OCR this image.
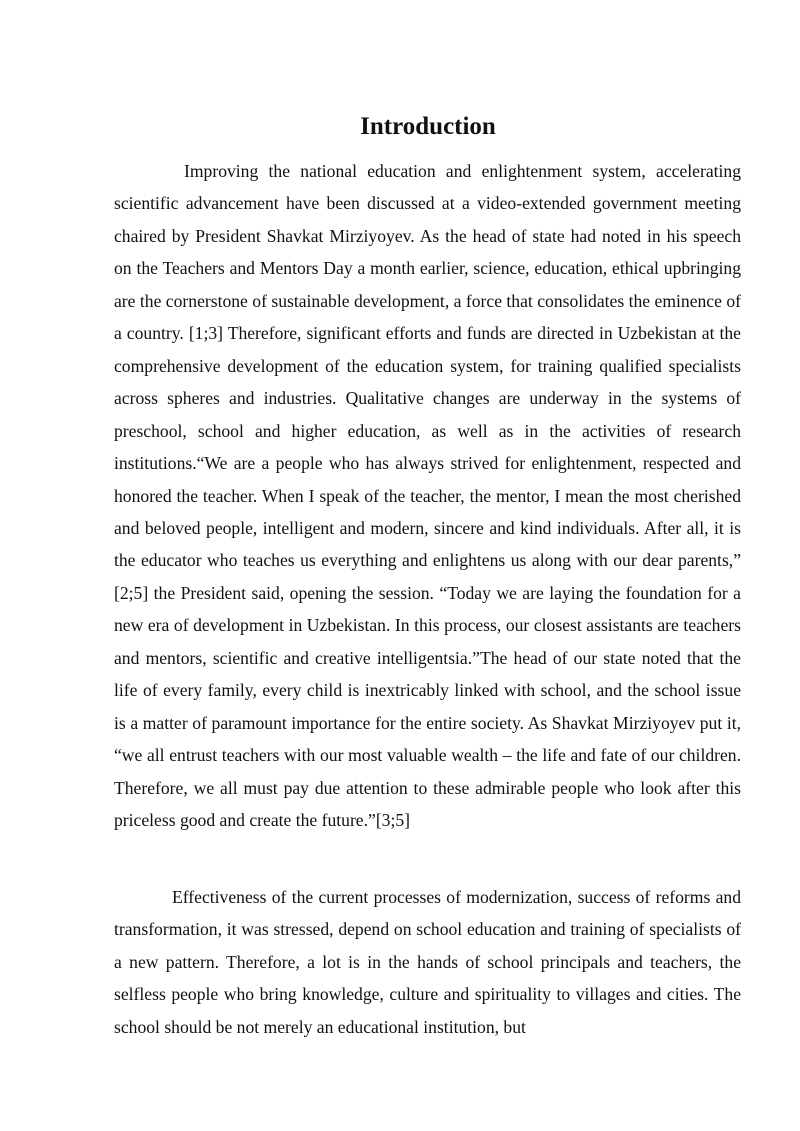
Introduction

Improving the national education and enlightenment system, accelerating scientific advancement have been discussed at a video-extended government meeting chaired by President Shavkat Mirziyoyev. As the head of state had noted in his speech on the Teachers and Mentors Day a month earlier, science, education, ethical upbringing are the cornerstone of sustainable development, a force that consolidates the eminence of a country. [1;3] Therefore, significant efforts and funds are directed in Uzbekistan at the comprehensive development of the education system, for training qualified specialists across spheres and industries. Qualitative changes are underway in the systems of preschool, school and higher education, as well as in the activities of research institutions.“We are a people who has always strived for enlightenment, respected and honored the teacher. When I speak of the teacher, the mentor, I mean the most cherished and beloved people, intelligent and modern, sincere and kind individuals. After all, it is the educator who teaches us everything and enlightens us along with our dear parents,” [2;5] the President said, opening the session. “Today we are laying the foundation for a new era of development in Uzbekistan. In this process, our closest assistants are teachers and mentors, scientific and creative intelligentsia.”The head of our state noted that the life of every family, every child is inextricably linked with school, and the school issue is a matter of paramount importance for the entire society. As Shavkat Mirziyoyev put it, “we all entrust teachers with our most valuable wealth – the life and fate of our children. Therefore, we all must pay due attention to these admirable people who look after this priceless good and create the future.”[3;5]

Effectiveness of the current processes of modernization, success of reforms and transformation, it was stressed, depend on school education and training of specialists of a new pattern. Therefore, a lot is in the hands of school principals and teachers, the selfless people who bring knowledge, culture and spirituality to villages and cities. The school should be not merely an educational institution, but
